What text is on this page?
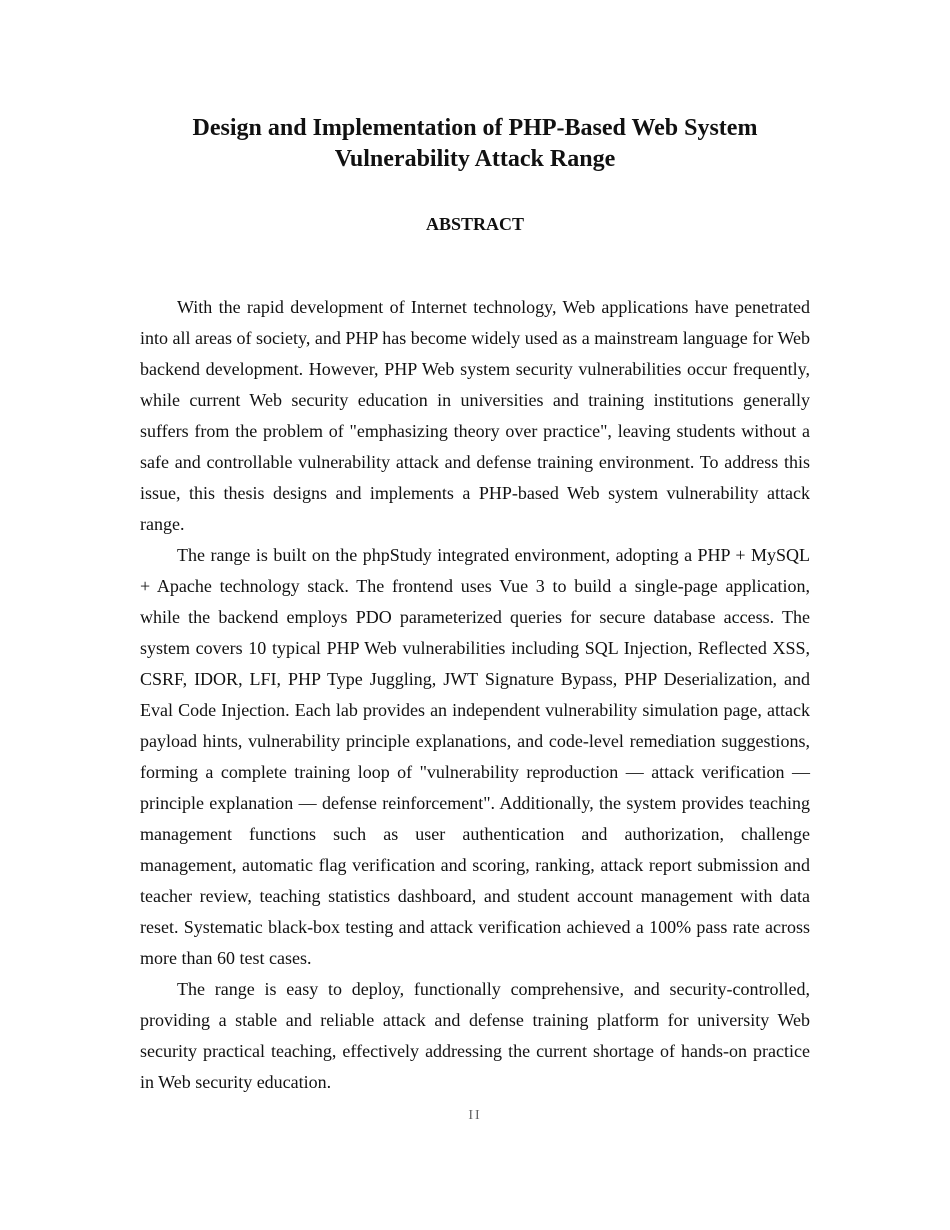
Design and Implementation of PHP-Based Web System Vulnerability Attack Range
ABSTRACT

With the rapid development of Internet technology, Web applications have penetrated into all areas of society, and PHP has become widely used as a mainstream language for Web backend development. However, PHP Web system security vulnerabilities occur frequently, while current Web security education in universities and training institutions generally suffers from the problem of "emphasizing theory over practice", leaving students without a safe and controllable vulnerability attack and defense training environment. To address this issue, this thesis designs and implements a PHP-based Web system vulnerability attack range.

The range is built on the phpStudy integrated environment, adopting a PHP + MySQL + Apache technology stack. The frontend uses Vue 3 to build a single-page application, while the backend employs PDO parameterized queries for secure database access. The system covers 10 typical PHP Web vulnerabilities including SQL Injection, Reflected XSS, CSRF, IDOR, LFI, PHP Type Juggling, JWT Signature Bypass, PHP Deserialization, and Eval Code Injection. Each lab provides an independent vulnerability simulation page, attack payload hints, vulnerability principle explanations, and code-level remediation suggestions, forming a complete training loop of "vulnerability reproduction — attack verification — principle explanation — defense reinforcement". Additionally, the system provides teaching management functions such as user authentication and authorization, challenge management, automatic flag verification and scoring, ranking, attack report submission and teacher review, teaching statistics dashboard, and student account management with data reset. Systematic black-box testing and attack verification achieved a 100% pass rate across more than 60 test cases.

The range is easy to deploy, functionally comprehensive, and security-controlled, providing a stable and reliable attack and defense training platform for university Web security practical teaching, effectively addressing the current shortage of hands-on practice in Web security education.

II
